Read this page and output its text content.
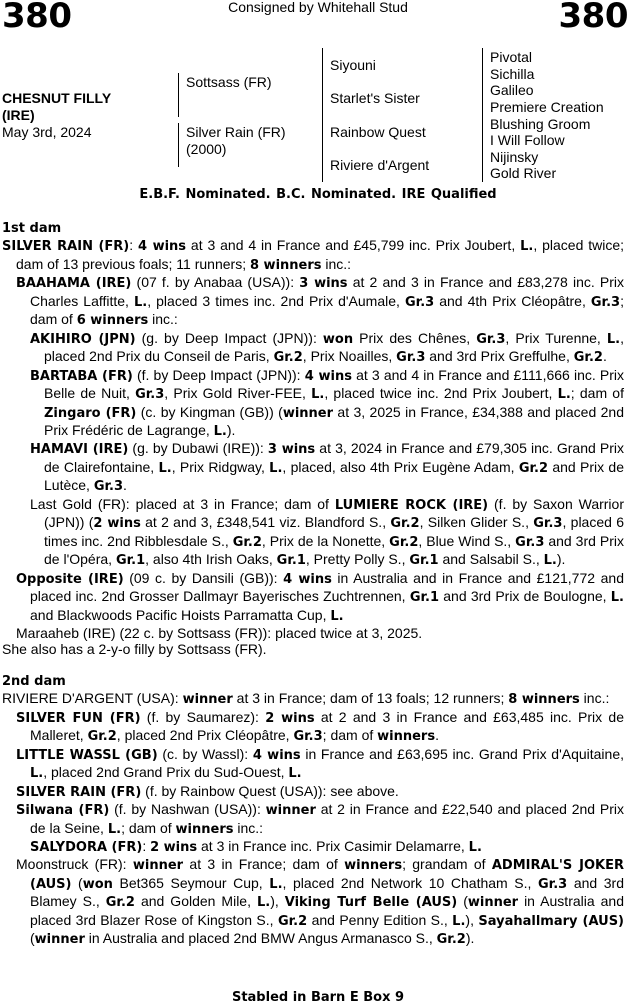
380	Consigned by Whitehall Stud	380
CHESNUT FILLY
(IRE)
May 3rd, 2024
Sottsass (FR)
Silver Rain (FR)
(2000)
Siyouni
Starlet's Sister
Rainbow Quest
Riviere d'Argent
Pivotal
Sichilla
Galileo
Premiere Creation
Blushing Groom
I Will Follow
Nijinsky
Gold River
E.B.F. Nominated. B.C. Nominated. IRE Qualified
1st dam

SILVER RAIN (FR): 4 wins at 3 and 4 in France and £45,799 inc. Prix Joubert, L., placed twice; dam of 13 previous foals; 11 runners; 8 winners inc.:

BAAHAMA (IRE) (07 f. by Anabaa (USA)): 3 wins at 2 and 3 in France and £83,278 inc. Prix Charles Laffitte, L., placed 3 times inc. 2nd Prix d'Aumale, Gr.3 and 4th Prix Cléopâtre, Gr.3; dam of 6 winners inc.:

AKIHIRO (JPN) (g. by Deep Impact (JPN)): won Prix des Chênes, Gr.3, Prix Turenne, L., placed 2nd Prix du Conseil de Paris, Gr.2, Prix Noailles, Gr.3 and 3rd Prix Greffulhe, Gr.2.

BARTABA (FR) (f. by Deep Impact (JPN)): 4 wins at 3 and 4 in France and £111,666 inc. Prix Belle de Nuit, Gr.3, Prix Gold River-FEE, L., placed twice inc. 2nd Prix Joubert, L.; dam of Zingaro (FR) (c. by Kingman (GB)) (winner at 3, 2025 in France, £34,388 and placed 2nd Prix Frédéric de Lagrange, L.).

HAMAVI (IRE) (g. by Dubawi (IRE)): 3 wins at 3, 2024 in France and £79,305 inc. Grand Prix de Clairefontaine, L., Prix Ridgway, L., placed, also 4th Prix Eugène Adam, Gr.2 and Prix de Lutèce, Gr.3.

Last Gold (FR): placed at 3 in France; dam of LUMIERE ROCK (IRE) (f. by Saxon Warrior (JPN)) (2 wins at 2 and 3, £348,541 viz. Blandford S., Gr.2, Silken Glider S., Gr.3, placed 6 times inc. 2nd Ribblesdale S., Gr.2, Prix de la Nonette, Gr.2, Blue Wind S., Gr.3 and 3rd Prix de l'Opéra, Gr.1, also 4th Irish Oaks, Gr.1, Pretty Polly S., Gr.1 and Salsabil S., L.).

Opposite (IRE) (09 c. by Dansili (GB)): 4 wins in Australia and in France and £121,772 and placed inc. 2nd Grosser Dallmayr Bayerisches Zuchtrennen, Gr.1 and 3rd Prix de Boulogne, L. and Blackwoods Pacific Hoists Parramatta Cup, L.

Maraaheb (IRE) (22 c. by Sottsass (FR)): placed twice at 3, 2025.

She also has a 2-y-o filly by Sottsass (FR).

2nd dam

RIVIERE D'ARGENT (USA): winner at 3 in France; dam of 13 foals; 12 runners; 8 winners inc.:

SILVER FUN (FR) (f. by Saumarez): 2 wins at 2 and 3 in France and £63,485 inc. Prix de Malleret, Gr.2, placed 2nd Prix Cléopâtre, Gr.3; dam of winners.

LITTLE WASSL (GB) (c. by Wassl): 4 wins in France and £63,695 inc. Grand Prix d'Aquitaine, L., placed 2nd Grand Prix du Sud-Ouest, L.

SILVER RAIN (FR) (f. by Rainbow Quest (USA)): see above.

Silwana (FR) (f. by Nashwan (USA)): winner at 2 in France and £22,540 and placed 2nd Prix de la Seine, L.; dam of winners inc.:

SALYDORA (FR): 2 wins at 3 in France inc. Prix Casimir Delamarre, L.

Moonstruck (FR): winner at 3 in France; dam of winners; grandam of ADMIRAL'S JOKER (AUS) (won Bet365 Seymour Cup, L., placed 2nd Network 10 Chatham S., Gr.3 and 3rd Blamey S., Gr.2 and Golden Mile, L.), Viking Turf Belle (AUS) (winner in Australia and placed 3rd Blazer Rose of Kingston S., Gr.2 and Penny Edition S., L.), Sayahallmary (AUS) (winner in Australia and placed 2nd BMW Angus Armanasco S., Gr.2).

Stabled in Barn E Box 9
